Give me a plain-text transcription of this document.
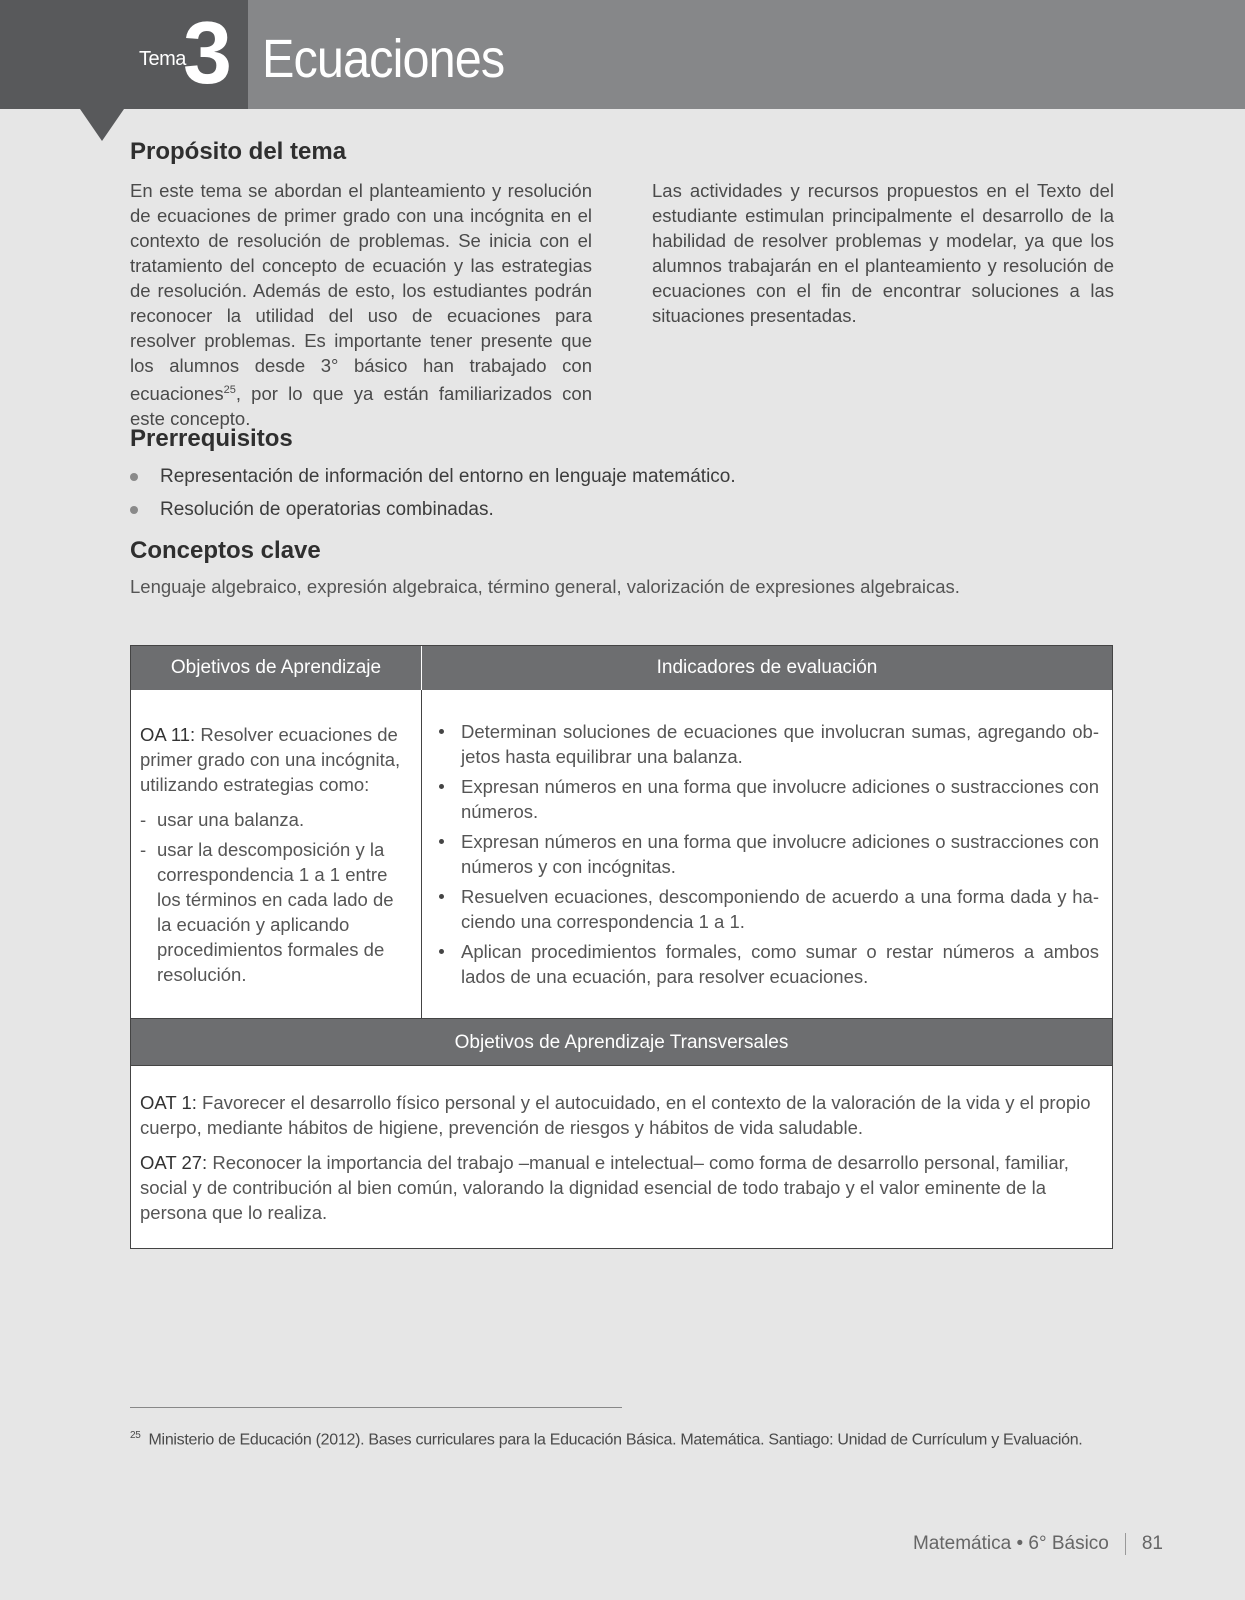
Tema
3 Ecuaciones
Propósito del tema

En este tema se abordan el planteamiento y resolución de ecuaciones de primer grado con una incógnita en el contexto de resolución de problemas. Se inicia con el tratamiento del concepto de ecuación y las estrategias de resolución. Además de esto, los estudiantes podrán reconocer la utilidad del uso de ecuaciones para resolver problemas. Es importante tener presente que los alumnos desde 3° básico han trabajado con ecuaciones$^{25}$, por lo que ya están familiarizados con este concepto.

Las actividades y recursos propuestos en el Texto del estudiante estimulan principalmente el desarrollo de la habilidad de resolver problemas y modelar, ya que los alumnos trabajarán en el planteamiento y resolución de ecuaciones con el fin de encontrar soluciones a las situaciones presentadas.

Prerrequisitos
Representación de información del entorno en lenguaje matemático.
Resolución de operatorias combinadas.
Conceptos clave

Lenguaje algebraico, expresión algebraica, término general, valorización de expresiones algebraicas.

Objetivos de Aprendizaje	Indicadores de evaluación
OA 11: Resolver ecuaciones de primer grado con una incógnita, utilizando estrategias como:
- usar una balanza.
- usar la descomposición y la correspondencia 1 a 1 entre los términos en cada lado de la ecuación y aplicando procedimientos formales de resolución.
Determinan soluciones de ecuaciones que involucran sumas, agregando ob- jetos hasta equilibrar una balanza.
Expresan números en una forma que involucre adiciones o sustracciones con números.
Expresan números en una forma que involucre adiciones o sustracciones con números y con incógnitas.
Resuelven ecuaciones, descomponiendo de acuerdo a una forma dada y ha- ciendo una correspondencia 1 a 1.
Aplican procedimientos formales, como sumar o restar números a ambos lados de una ecuación, para resolver ecuaciones.
Objetivos de Aprendizaje Transversales

OAT 1: Favorecer el desarrollo físico personal y el autocuidado, en el contexto de la valoración de la vida y el propio cuerpo, mediante hábitos de higiene, prevención de riesgos y hábitos de vida saludable.

OAT 27: Reconocer la importancia del trabajo –manual e intelectual– como forma de desarrollo personal, familiar, social y de contribución al bien común, valorando la dignidad esencial de todo trabajo y el valor eminente de la persona que lo realiza.

$^{25}$ Ministerio de Educación (2012). Bases curriculares para la Educación Básica. Matemática. Santiago: Unidad de Currículum y Evaluación.
Matemática • 6° Básico 81
